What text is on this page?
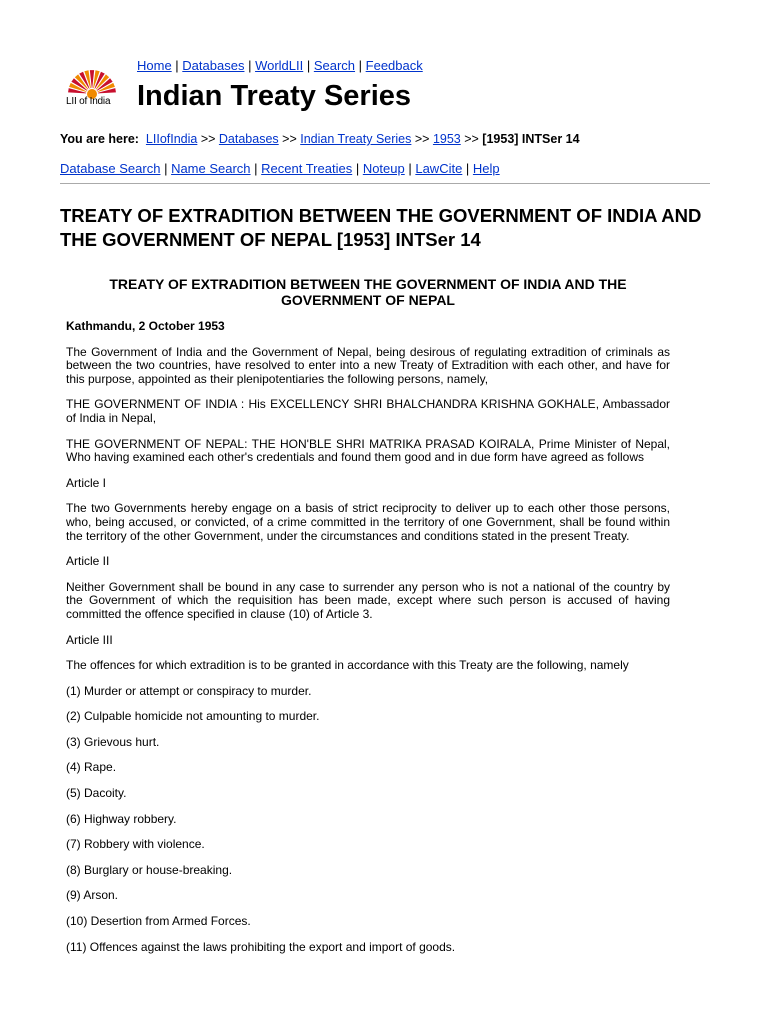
LII of India
Home | Databases | WorldLII | Search | Feedback
Indian Treaty Series
You are here: LIIofIndia >> Databases >> Indian Treaty Series >> 1953 >> [1953] INTSer 14
Database Search | Name Search | Recent Treaties | Noteup | LawCite | Help
TREATY OF EXTRADITION BETWEEN THE GOVERNMENT OF INDIA AND THE GOVERNMENT OF NEPAL [1953] INTSer 14
TREATY OF EXTRADITION BETWEEN THE GOVERNMENT OF INDIA AND THE GOVERNMENT OF NEPAL
Kathmandu, 2 October 1953

The Government of India and the Government of Nepal, being desirous of regulating extradition of criminals as between the two countries, have resolved to enter into a new Treaty of Extradition with each other, and have for this purpose, appointed as their plenipotentiaries the following persons, namely,

THE GOVERNMENT OF INDIA : His EXCELLENCY SHRI BHALCHANDRA KRISHNA GOKHALE, Ambassador of India in Nepal,

THE GOVERNMENT OF NEPAL: THE HON'BLE SHRI MATRIKA PRASAD KOIRALA, Prime Minister of Nepal, Who having examined each other's credentials and found them good and in due form have agreed as follows

Article I

The two Governments hereby engage on a basis of strict reciprocity to deliver up to each other those persons, who, being accused, or convicted, of a crime committed in the territory of one Government, shall be found within the territory of the other Government, under the circumstances and conditions stated in the present Treaty.

Article II

Neither Government shall be bound in any case to surrender any person who is not a national of the country by the Government of which the requisition has been made, except where such person is accused of having committed the offence specified in clause (10) of Article 3.

Article III

The offences for which extradition is to be granted in accordance with this Treaty are the following, namely

(1) Murder or attempt or conspiracy to murder.
(2) Culpable homicide not amounting to murder.
(3) Grievous hurt.
(4) Rape.
(5) Dacoity.
(6) Highway robbery.
(7) Robbery with violence.
(8) Burglary or house-breaking.
(9) Arson.
(10) Desertion from Armed Forces.
(11) Offences against the laws prohibiting the export and import of goods.
